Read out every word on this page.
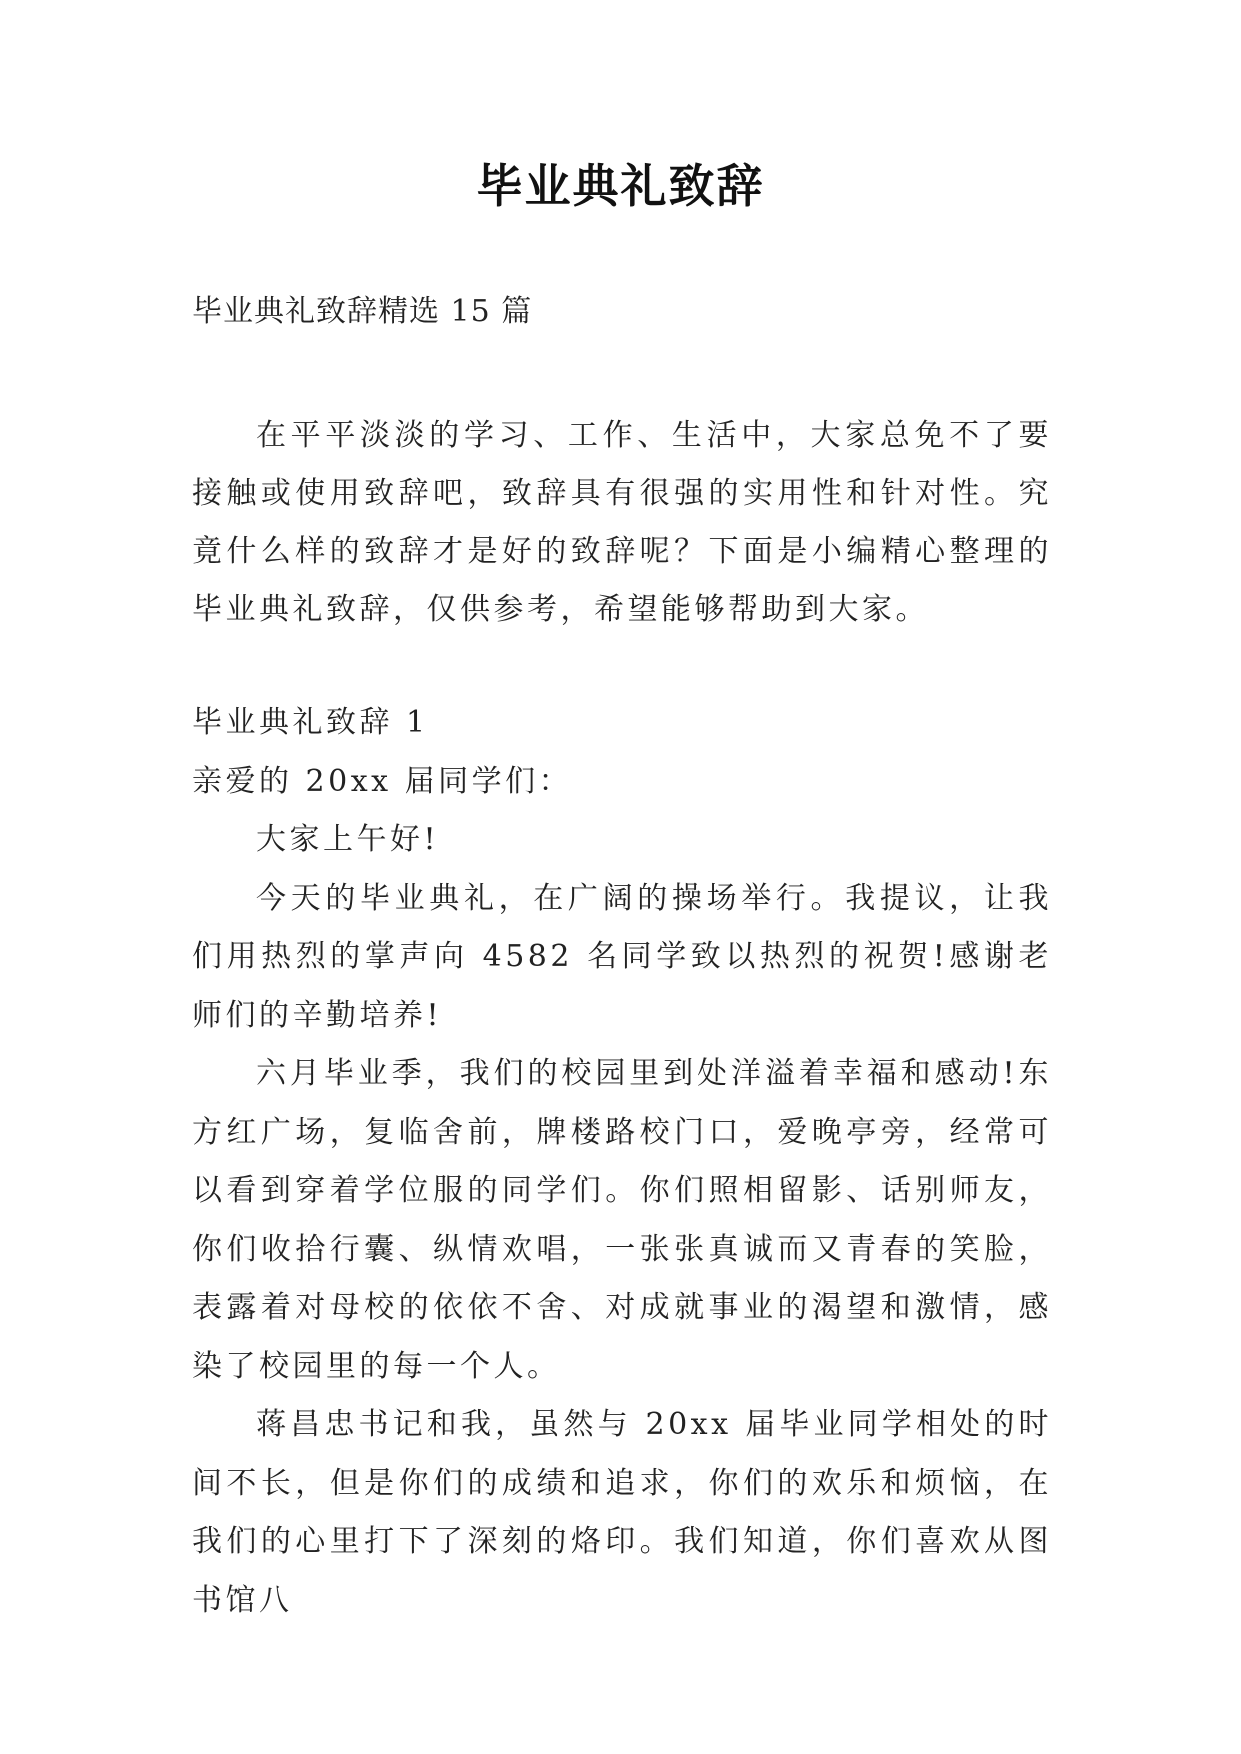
毕业典礼致辞

毕业典礼致辞精选 15 篇

在平平淡淡的学习、工作、生活中，大家总免不了要接触或使用致辞吧，致辞具有很强的实用性和针对性。究竟什么样的致辞才是好的致辞呢？下面是小编精心整理的毕业典礼致辞，仅供参考，希望能够帮助到大家。

毕业典礼致辞 1

亲爱的 20xx 届同学们：

大家上午好!

今天的毕业典礼，在广阔的操场举行。我提议，让我们用热烈的掌声向 4582 名同学致以热烈的祝贺!感谢老师们的辛勤培养!

六月毕业季，我们的校园里到处洋溢着幸福和感动!东方红广场，复临舍前，牌楼路校门口，爱晚亭旁，经常可以看到穿着学位服的同学们。你们照相留影、话别师友，你们收拾行囊、纵情欢唱，一张张真诚而又青春的笑脸，表露着对母校的依依不舍、对成就事业的渴望和激情，感染了校园里的每一个人。

蒋昌忠书记和我，虽然与 20xx 届毕业同学相处的时间不长，但是你们的成绩和追求，你们的欢乐和烦恼，在我们的心里打下了深刻的烙印。我们知道，你们喜欢从图书馆八
